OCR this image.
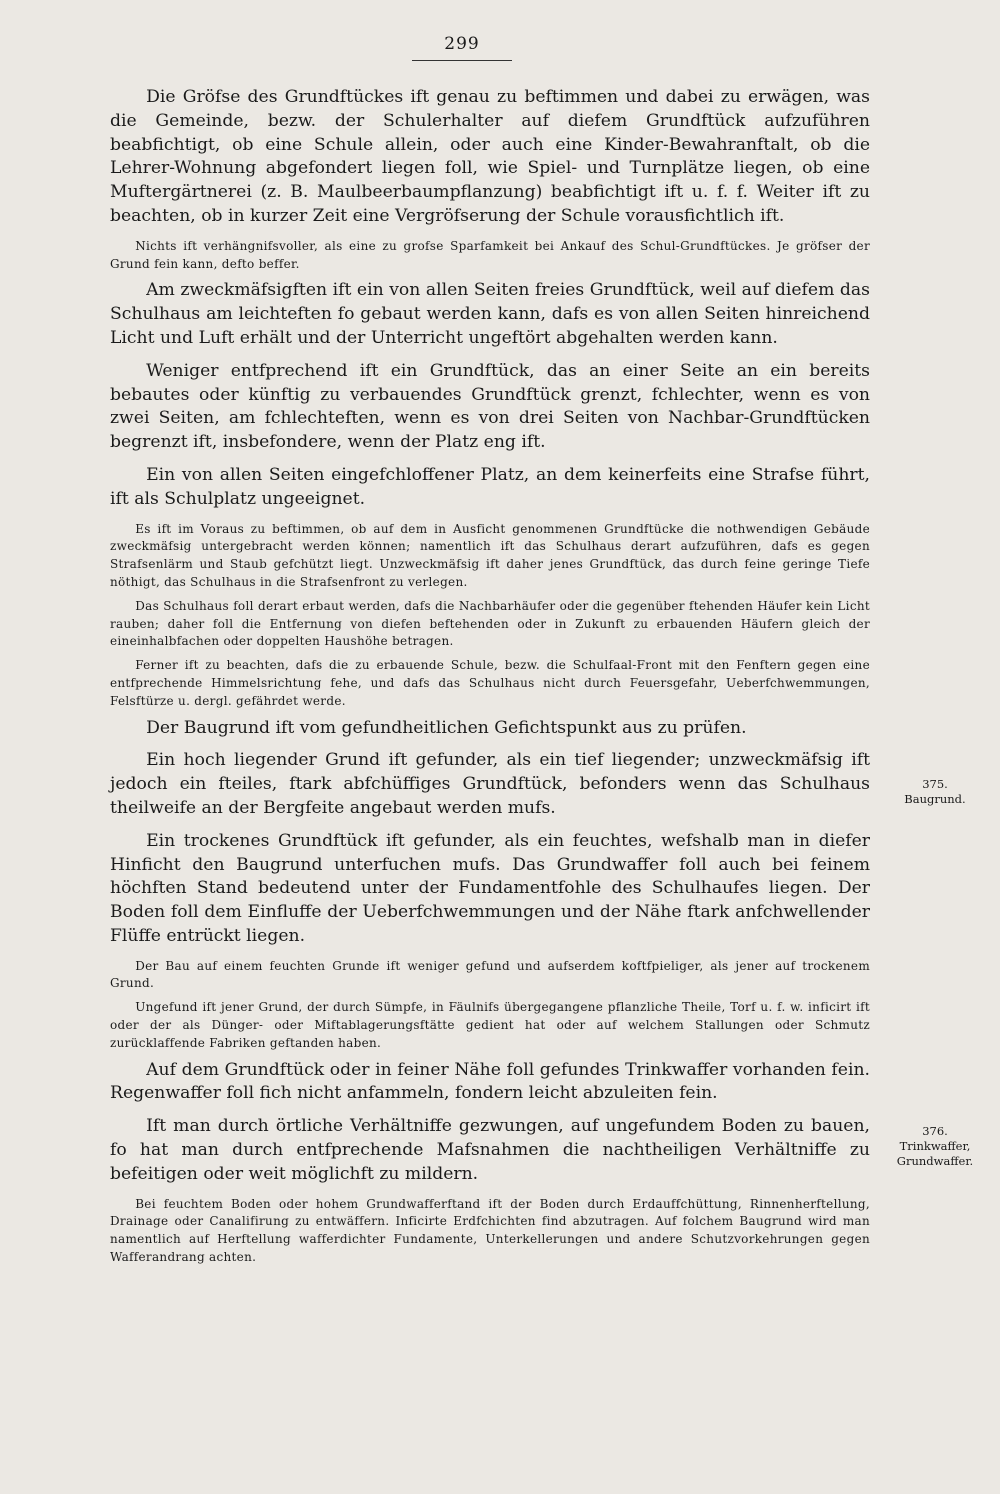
299

Die Gröfse des Grundftückes ift genau zu beftimmen und dabei zu erwägen, was die Gemeinde, bezw. der Schulerhalter auf diefem Grundftück aufzuführen beabfichtigt, ob eine Schule allein, oder auch eine Kinder-Bewahranftalt, ob die Lehrer-Wohnung abgefondert liegen foll, wie Spiel- und Turnplätze liegen, ob eine Muftergärtnerei (z. B. Maulbeerbaumpflanzung) beabfichtigt ift u. f. f. Weiter ift zu beachten, ob in kurzer Zeit eine Vergröfserung der Schule vorausfichtlich ift.

Nichts ift verhängnifsvoller, als eine zu grofse Sparfamkeit bei Ankauf des Schul-Grundftückes. Je gröfser der Grund fein kann, defto beffer.

Am zweckmäfsigften ift ein von allen Seiten freies Grundftück, weil auf diefem das Schulhaus am leichteften fo gebaut werden kann, dafs es von allen Seiten hinreichend Licht und Luft erhält und der Unterricht ungeftört abgehalten werden kann.

Weniger entfprechend ift ein Grundftück, das an einer Seite an ein bereits bebautes oder künftig zu verbauendes Grundftück grenzt, fchlechter, wenn es von zwei Seiten, am fchlechteften, wenn es von drei Seiten von Nachbar-Grundftücken begrenzt ift, insbefondere, wenn der Platz eng ift.

Ein von allen Seiten eingefchloffener Platz, an dem keinerfeits eine Strafse führt, ift als Schulplatz ungeeignet.

Es ift im Voraus zu beftimmen, ob auf dem in Ausficht genommenen Grundftücke die nothwendigen Gebäude zweckmäfsig untergebracht werden können; namentlich ift das Schulhaus derart aufzuführen, dafs es gegen Strafsenlärm und Staub gefchützt liegt. Unzweckmäfsig ift daher jenes Grundftück, das durch feine geringe Tiefe nöthigt, das Schulhaus in die Strafsenfront zu verlegen.

Das Schulhaus foll derart erbaut werden, dafs die Nachbarhäufer oder die gegenüber ftehenden Häufer kein Licht rauben; daher foll die Entfernung von diefen beftehenden oder in Zukunft zu erbauenden Häufern gleich der eineinhalbfachen oder doppelten Haushöhe betragen.

Ferner ift zu beachten, dafs die zu erbauende Schule, bezw. die Schulfaal-Front mit den Fenftern gegen eine entfprechende Himmelsrichtung fehe, und dafs das Schulhaus nicht durch Feuersgefahr, Ueberfchwemmungen, Felsftürze u. dergl. gefährdet werde.

Der Baugrund ift vom gefundheitlichen Gefichtspunkt aus zu prüfen.

Ein hoch liegender Grund ift gefunder, als ein tief liegender; unzweckmäfsig ift jedoch ein fteiles, ftark abfchüffiges Grundftück, befonders wenn das Schulhaus theilweife an der Bergfeite angebaut werden mufs.

Ein trockenes Grundftück ift gefunder, als ein feuchtes, wefshalb man in diefer Hinficht den Baugrund unterfuchen mufs. Das Grundwaffer foll auch bei feinem höchften Stand bedeutend unter der Fundamentfohle des Schulhaufes liegen. Der Boden foll dem Einfluffe der Ueberfchwemmungen und der Nähe ftark anfchwellender Flüffe entrückt liegen.

Der Bau auf einem feuchten Grunde ift weniger gefund und aufserdem koftfpieliger, als jener auf trockenem Grund.

Ungefund ift jener Grund, der durch Sümpfe, in Fäulnifs übergegangene pflanzliche Theile, Torf u. f. w. inficirt ift oder der als Dünger- oder Miftablagerungsftätte gedient hat oder auf welchem Stallungen oder Schmutz zurücklaffende Fabriken geftanden haben.

Auf dem Grundftück oder in feiner Nähe foll gefundes Trinkwaffer vorhanden fein. Regenwaffer foll fich nicht anfammeln, fondern leicht abzuleiten fein.

Ift man durch örtliche Verhältniffe gezwungen, auf ungefundem Boden zu bauen, fo hat man durch entfprechende Mafsnahmen die nachtheiligen Verhältniffe zu befeitigen oder weit möglichft zu mildern.

Bei feuchtem Boden oder hohem Grundwafferftand ift der Boden durch Erdauffchüttung, Rinnenherftellung, Drainage oder Canalifirung zu entwäffern. Inficirte Erdfchichten find abzutragen. Auf folchem Baugrund wird man namentlich auf Herftellung wafferdichter Fundamente, Unterkellerungen und andere Schutzvorkehrungen gegen Wafferandrang achten.

375.
Baugrund.
376.
Trinkwaffer, Grundwaffer.
